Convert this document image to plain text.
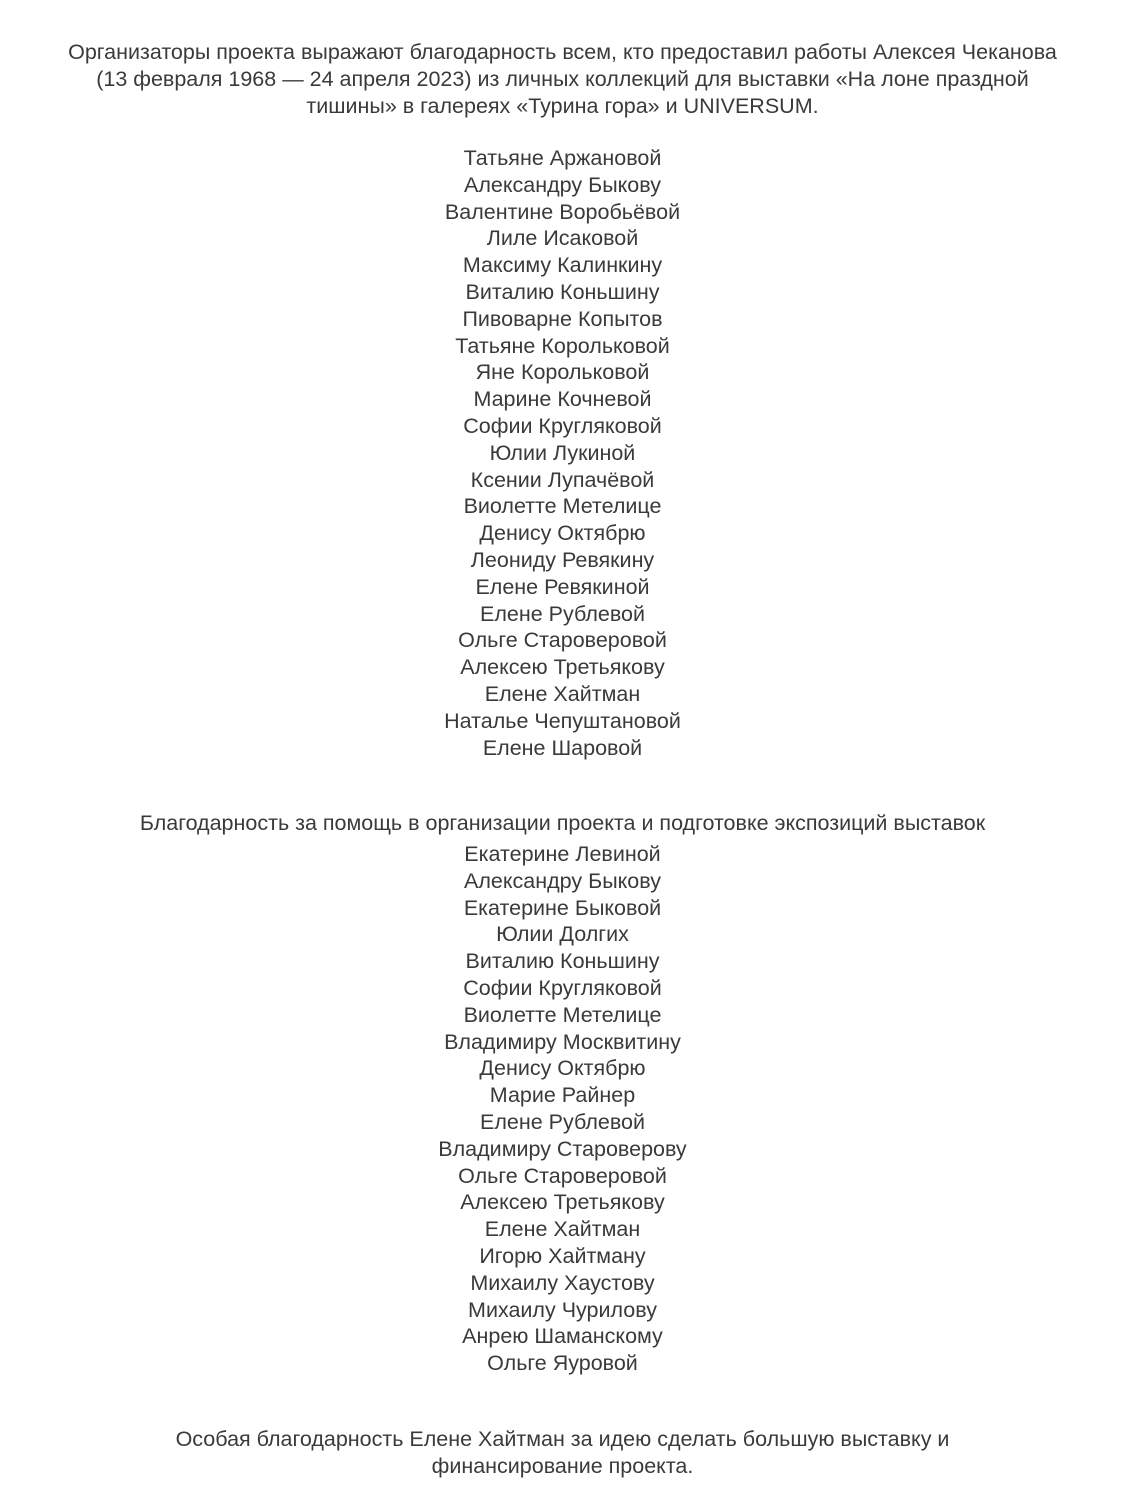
Организаторы проекта выражают благодарность всем, кто предоставил работы Алексея Чеканова (13 февраля 1968 — 24 апреля 2023) из личных коллекций для выставки «На лоне праздной тишины» в галереях «Турина гора» и UNIVERSUM.

Татьяне Аржановой
Александру Быкову
Валентине Воробьёвой
Лиле Исаковой
Максиму Калинкину
Виталию Коньшину
Пивоварне Копытов
Татьяне Корольковой
Яне Корольковой
Марине Кочневой
Софии Кругляковой
Юлии Лукиной
Ксении Лупачёвой
Виолетте Метелице
Денису Октябрю
Леониду Ревякину
Елене Ревякиной
Елене Рублевой
Ольге Староверовой
Алексею Третьякову
Елене Хайтман
Наталье Чепуштановой
Елене Шаровой

Благодарность за помощь в организации проекта и подготовке экспозиций выставок

Екатерине Левиной
Александру Быкову
Екатерине Быковой
Юлии Долгих
Виталию Коньшину
Софии Кругляковой
Виолетте Метелице
Владимиру Москвитину
Денису Октябрю
Марие Райнер
Елене Рублевой
Владимиру Староверову
Ольге Староверовой
Алексею Третьякову
Елене Хайтман
Игорю Хайтману
Михаилу Хаустову
Михаилу Чурилову
Анрею Шаманскому
Ольге Яуровой

Особая благодарность Елене Хайтман за идею сделать большую выставку и финансирование проекта.
